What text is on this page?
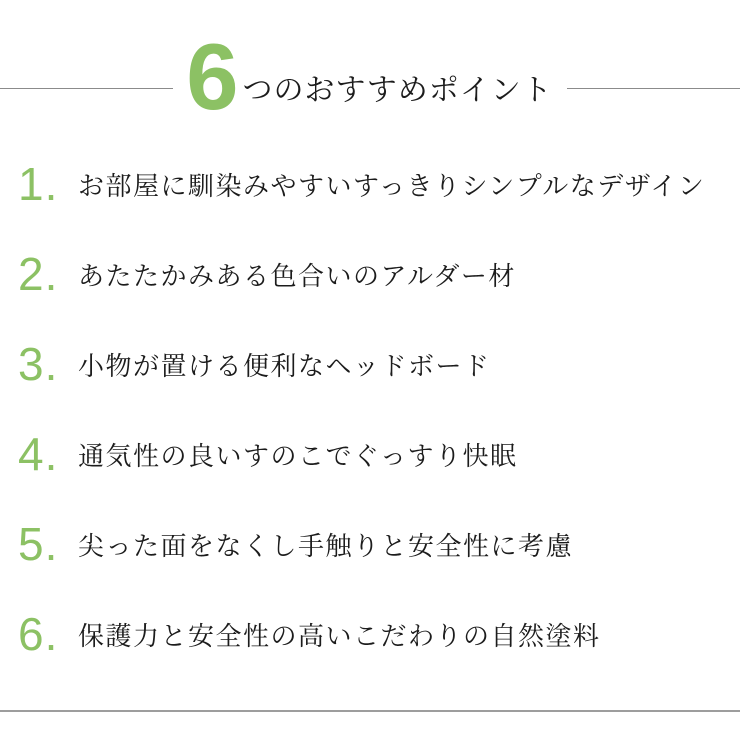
6 つのおすすめポイント
1. お部屋に馴染みやすいすっきりシンプルなデザイン
2. あたたかみある色合いのアルダー材
3. 小物が置ける便利なヘッドボード
4. 通気性の良いすのこでぐっすり快眠
5. 尖った面をなくし手触りと安全性に考慮
6. 保護力と安全性の高いこだわりの自然塗料
